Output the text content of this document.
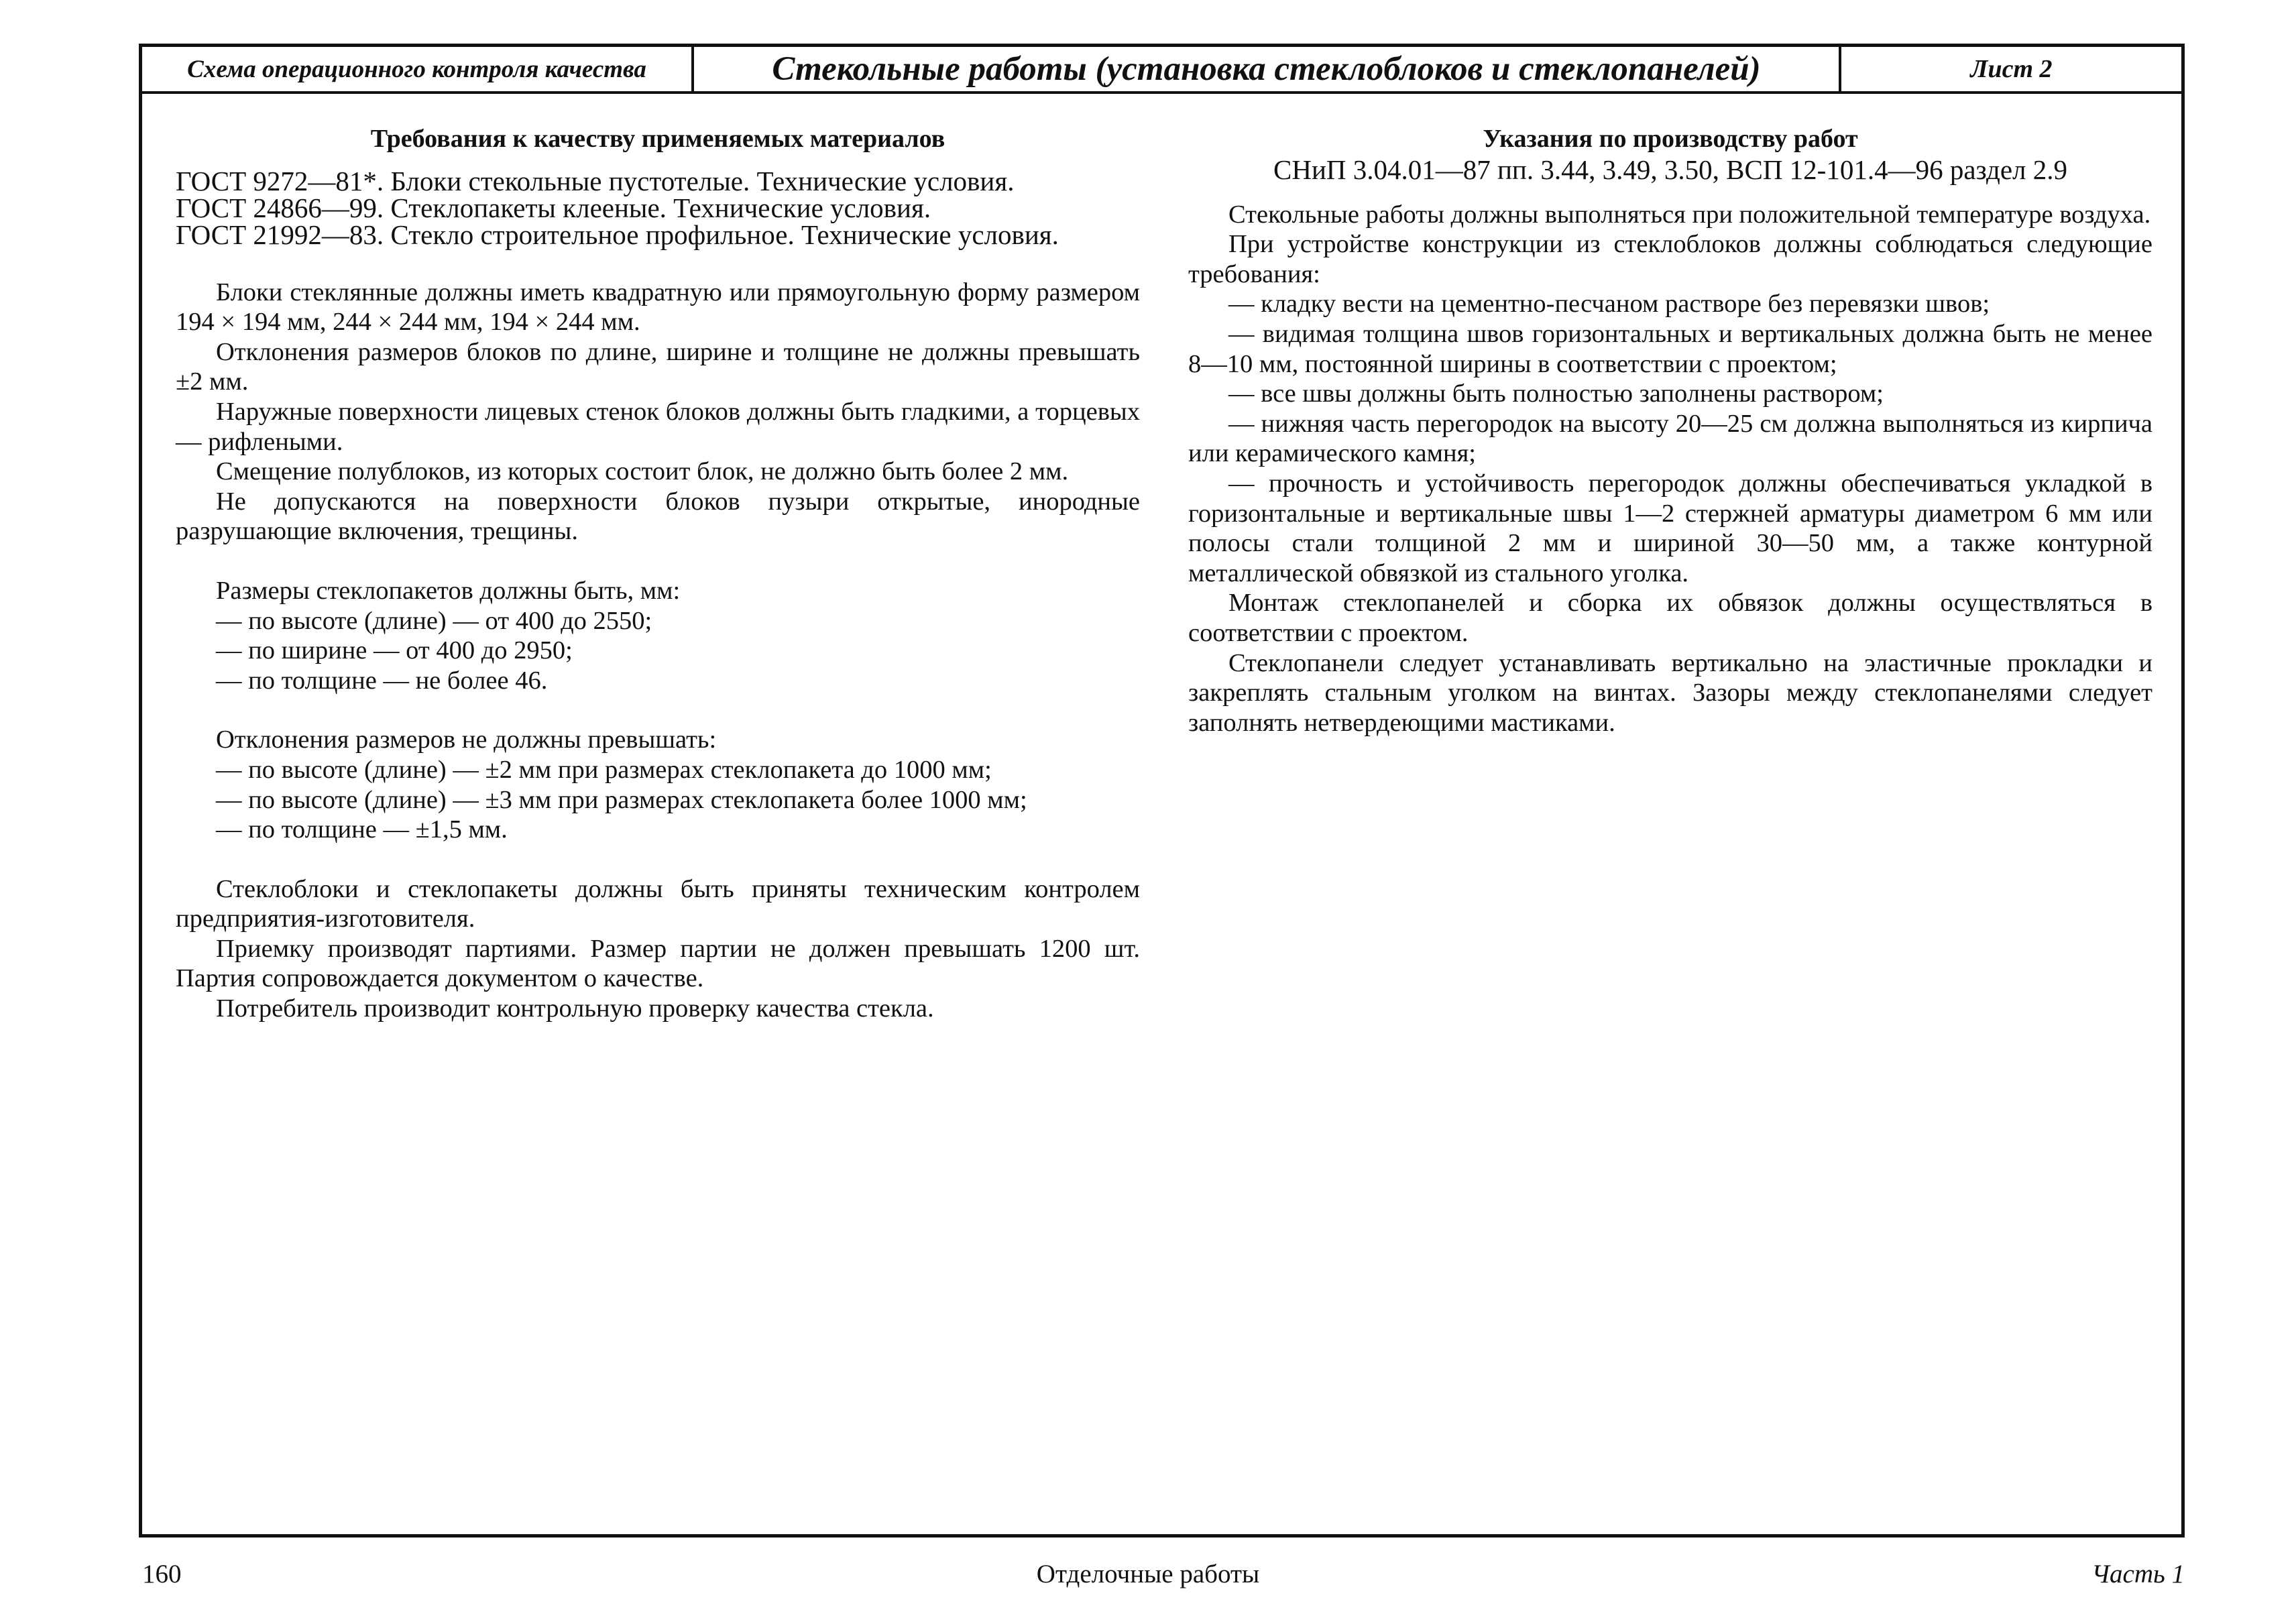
Схема операционного контроля качества	Стекольные работы (установка стеклоблоков и стеклопанелей)	Лист 2
Требования к качеству применяемых материалов
ГОСТ 9272—81*. Блоки стекольные пустотелые. Технические условия.
ГОСТ 24866—99. Стеклопакеты клееные. Технические условия.
ГОСТ 21992—83. Стекло строительное профильное. Технические условия.

Блоки стеклянные должны иметь квадратную или прямоугольную форму размером 194 × 194 мм, 244 × 244 мм, 194 × 244 мм.

Отклонения размеров блоков по длине, ширине и толщине не должны превышать ±2 мм.

Наружные поверхности лицевых стенок блоков должны быть гладкими, а торцевых — рифлеными.

Смещение полублоков, из которых состоит блок, не должно быть более 2 мм.

Не допускаются на поверхности блоков пузыри открытые, инородные разрушающие включения, трещины.

Размеры стеклопакетов должны быть, мм:

— по высоте (длине) — от 400 до 2550;
— по ширине — от 400 до 2950;
— по толщине — не более 46.

Отклонения размеров не должны превышать:

— по высоте (длине) — ±2 мм при размерах стеклопакета до 1000 мм;
— по высоте (длине) — ±3 мм при размерах стеклопакета более 1000 мм;
— по толщине — ±1,5 мм.

Стеклоблоки и стеклопакеты должны быть приняты техническим контролем предприятия-изготовителя.

Приемку производят партиями. Размер партии не должен превышать 1200 шт. Партия сопровождается документом о качестве.

Потребитель производит контрольную проверку качества стекла.

Указания по производству работ
СНиП 3.04.01—87 пп. 3.44, 3.49, 3.50, ВСП 12-101.4—96 раздел 2.9

Стекольные работы должны выполняться при положительной температуре воздуха.

При устройстве конструкции из стеклоблоков должны соблюдаться следующие требования:

— кладку вести на цементно-песчаном растворе без перевязки швов;

— видимая толщина швов горизонтальных и вертикальных должна быть не менее 8—10 мм, постоянной ширины в соответствии с проектом;

— все швы должны быть полностью заполнены раствором;

— нижняя часть перегородок на высоту 20—25 см должна выполняться из кирпича или керамического камня;

— прочность и устойчивость перегородок должны обеспечиваться укладкой в горизонтальные и вертикальные швы 1—2 стержней арматуры диаметром 6 мм или полосы стали толщиной 2 мм и шириной 30—50 мм, а также контурной металлической обвязкой из стального уголка.

Монтаж стеклопанелей и сборка их обвязок должны осуществляться в соответствии с проектом.

Стеклопанели следует устанавливать вертикально на эластичные прокладки и закреплять стальным уголком на винтах. Зазоры между стеклопанелями следует заполнять нетвердеющими мастиками.

160	Отделочные работы	Часть 1
